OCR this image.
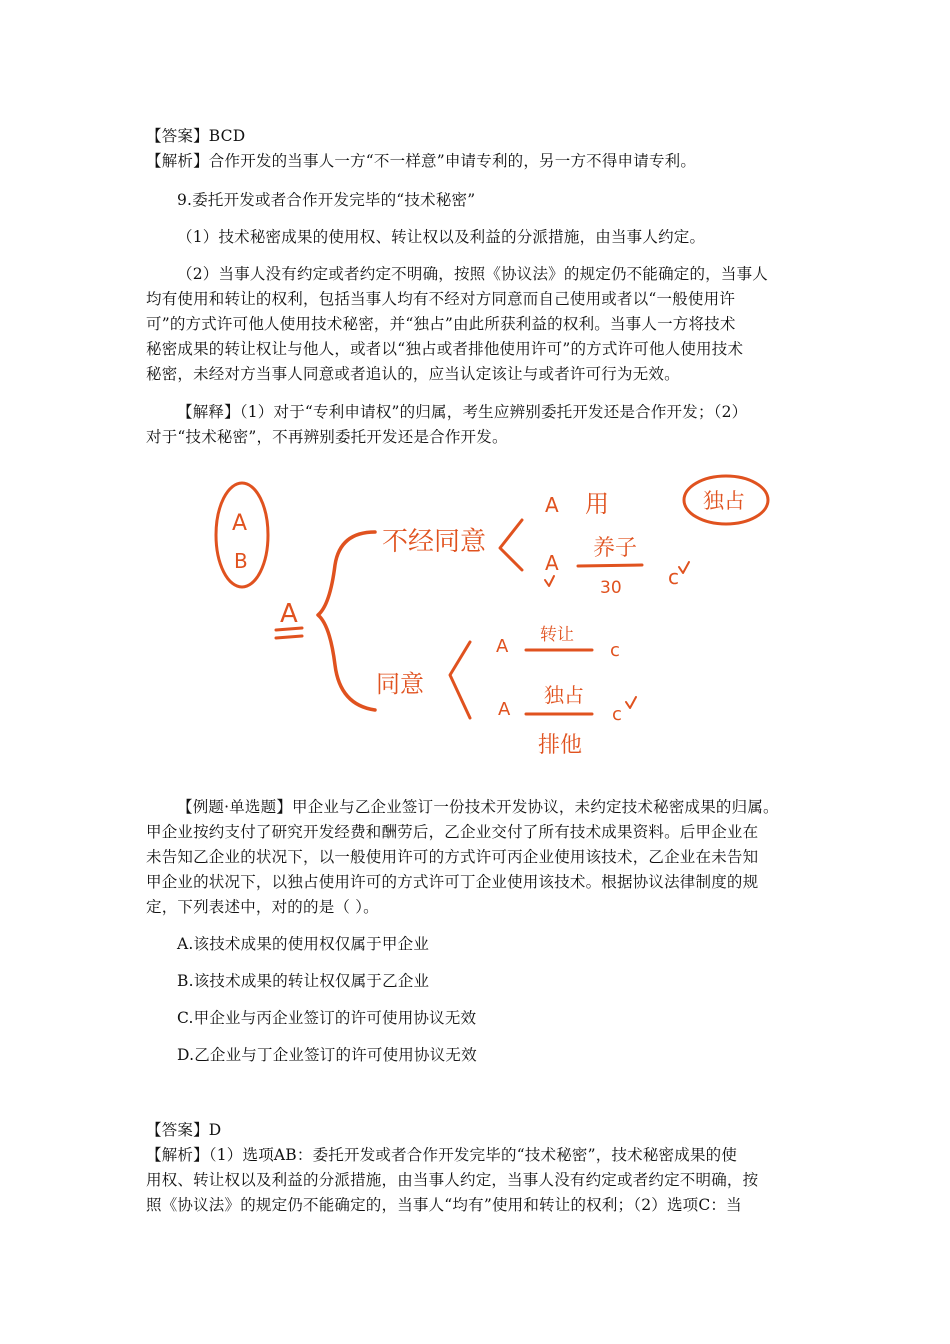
【答案】BCD
【解析】合作开发的当事人一方“不一样意”申请专利的，另一方不得申请专利。
9.委托开发或者合作开发完毕的“技术秘密”
（1）技术秘密成果的使用权、转让权以及利益的分派措施，由当事人约定。
（2）当事人没有约定或者约定不明确，按照《协议法》的规定仍不能确定的，当事人
均有使用和转让的权利，包括当事人均有不经对方同意而自己使用或者以“一般使用许
可”的方式许可他人使用技术秘密，并“独占”由此所获利益的权利。当事人一方将技术
秘密成果的转让权让与他人，或者以“独占或者排他使用许可”的方式许可他人使用技术
秘密，未经对方当事人同意或者追认的，应当认定该让与或者许可行为无效。
【解释】（1）对于“专利申请权”的归属，考生应辨别委托开发还是合作开发；（2）
对于“技术秘密”，不再辨别委托开发还是合作开发。
A
B
A
不经同意
A 用
A
养子
30 c
独占
同意
A
转让
c
A
独占
排他
c
【例题·单选题】甲企业与乙企业签订一份技术开发协议，未约定技术秘密成果的归属。
甲企业按约支付了研究开发经费和酬劳后，乙企业交付了所有技术成果资料。后甲企业在
未告知乙企业的状况下，以一般使用许可的方式许可丙企业使用该技术，乙企业在未告知
甲企业的状况下，以独占使用许可的方式许可丁企业使用该技术。根据协议法律制度的规
定，下列表述中，对的的是（ ）。
A.该技术成果的使用权仅属于甲企业
B.该技术成果的转让权仅属于乙企业
C.甲企业与丙企业签订的许可使用协议无效
D.乙企业与丁企业签订的许可使用协议无效
【答案】D
【解析】（1）选项AB：委托开发或者合作开发完毕的“技术秘密”，技术秘密成果的使
用权、转让权以及利益的分派措施，由当事人约定，当事人没有约定或者约定不明确，按
照《协议法》的规定仍不能确定的，当事人“均有”使用和转让的权利；（2）选项C：当
